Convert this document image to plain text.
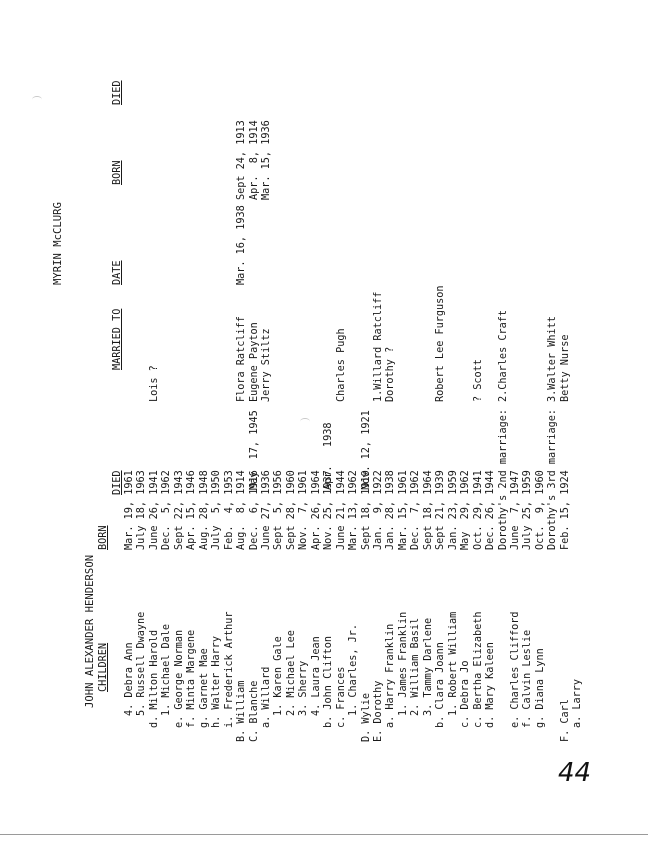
JOHN ALEXANDER HENDERSON
MYRIN McCLURG
CHILDREN
BORN
DIED
MARRIED TO
DATE
BORN
DIED
4. Debra Ann
Mar. 19, 1961
5. Russell Dwayne
July 18, 1963
d. Milton Harold
June 26, 1941
Lois ?
1. Michael Dale
Dec.  5, 1962
e. George Norman
Sept 22, 1943
f. Minta Margene
Apr. 15, 1946
g. Garnet Mae
Aug. 28, 1948
h. Walter Harry
July  5, 1950
i. Frederick Arthur
Feb.  4, 1953
B. William
Aug.  8, 1914
Flora Ratcliff
Mar. 16, 1938
Sept 24, 1913
C. Blanche
Dec.  6, 1916
May  17, 1945
Eugene Payton
Apr.  8, 1914
a. Willard
June 27, 1936
Jerry Stiltz
Mar. 15, 1936
1. Karen Gale
Sept  5, 1956
2. Michael Lee
Sept 28, 1960
3. Sherry
Nov.  7, 1961
4. Laura Jean
Apr. 26, 1964
b. John Clifton
Nov. 25, 1937
Apr.   1938
c. Frances
June 21, 1944
Charles Pugh
1. Charles, Jr.
Mar. 13, 1962
D. Wylie
Sept 18, 1919
Nov. 12, 1921
E. Dorothy
Jan.  9, 1922
1.Willard Ratcliff
a. Harry Franklin
Jan. 28, 1938
Dorothy ?
1. James Franklin
Mar. 15, 1961
2. William Basil
Dec.  7, 1962
3. Tammy Darlene
Sept 18, 1964
b. Clara Joann
Sept 21, 1939
Robert Lee Furguson
1. Robert William
Jan. 23, 1959
c. Debra Jo
May  29, 1962
c. Bertha Elizabeth
Oct. 29, 1941
? Scott
d. Mary Kaleen
Dec. 26, 1944 Dorothy's 2nd marriage:
2.Charles Craft
e. Charles Clifford
June  7, 1947
f. Calvin Leslie
July 25, 1959
g. Diana Lynn
Oct.  9, 1960 Dorothy's 3rd marriage:
3.Walter Whitt
F. Carl
Feb. 15, 1924
Betty Nurse
a. Larry
44
